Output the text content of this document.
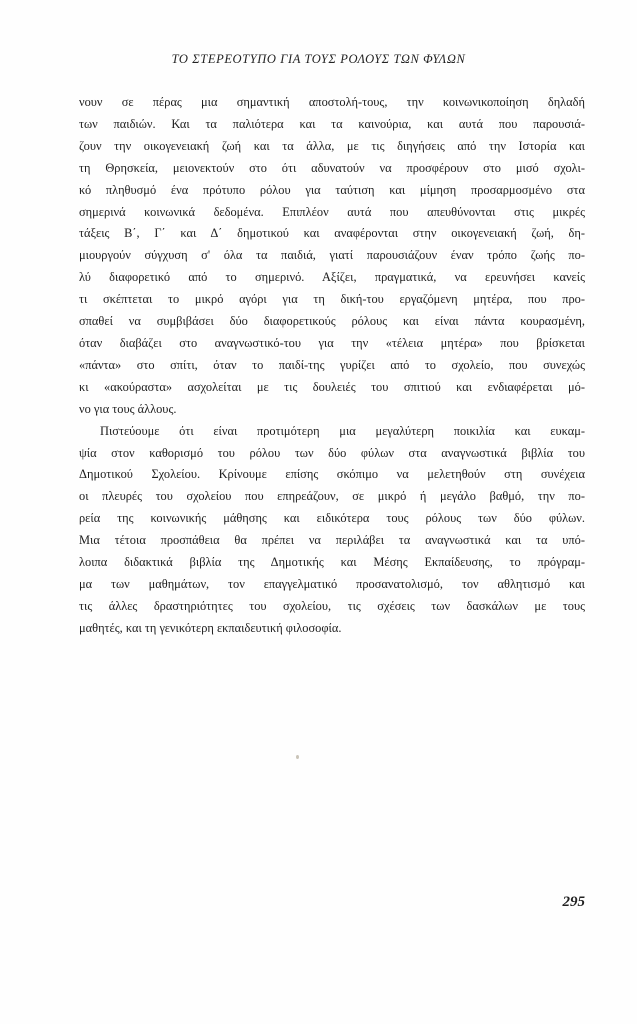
ΤΟ ΣΤΕΡΕΟΤΥΠΟ ΓΙΑ ΤΟΥΣ ΡΟΛΟΥΣ ΤΩΝ ΦΥΛΩΝ

νουν σε πέρας μια σημαντική αποστολή-τους, την κοινωνικοποίηση δηλαδή
των παιδιών. Και τα παλιότερα και τα καινούρια, και αυτά που παρουσιά-
ζουν την οικογενειακή ζωή και τα άλλα, με τις διηγήσεις από την Ιστορία και
τη Θρησκεία, μειονεκτούν στο ότι αδυνατούν να προσφέρουν στο μισό σχολι-
κό πληθυσμό ένα πρότυπο ρόλου για ταύτιση και μίμηση προσαρμοσμένο στα
σημερινά κοινωνικά δεδομένα. Επιπλέον αυτά που απευθύνονται στις μικρές
τάξεις Β΄, Γ΄ και Δ΄ δημοτικού και αναφέρονται στην οικογενειακή ζωή, δη-
μιουργούν σύγχυση σ' όλα τα παιδιά, γιατί παρουσιάζουν έναν τρόπο ζωής πο-
λύ διαφορετικό από το σημερινό. Αξίζει, πραγματικά, να ερευνήσει κανείς
τι σκέπτεται το μικρό αγόρι για τη δική-του εργαζόμενη μητέρα, που προ-
σπαθεί να συμβιβάσει δύο διαφορετικούς ρόλους και είναι πάντα κουρασμένη,
όταν διαβάζει στο αναγνωστικό-του για την «τέλεια μητέρα» που βρίσκεται
«πάντα» στο σπίτι, όταν το παιδί-της γυρίζει από το σχολείο, που συνεχώς
κι «ακούραστα» ασχολείται με τις δουλειές του σπιτιού και ενδιαφέρεται μό-
νο για τους άλλους.

Πιστεύουμε ότι είναι προτιμότερη μια μεγαλύτερη ποικιλία και ευκαμ-
ψία στον καθορισμό του ρόλου των δύο φύλων στα αναγνωστικά βιβλία του
Δημοτικού Σχολείου. Κρίνουμε επίσης σκόπιμο να μελετηθούν στη συνέχεια
οι πλευρές του σχολείου που επηρεάζουν, σε μικρό ή μεγάλο βαθμό, την πο-
ρεία της κοινωνικής μάθησης και ειδικότερα τους ρόλους των δύο φύλων.
Μια τέτοια προσπάθεια θα πρέπει να περιλάβει τα αναγνωστικά και τα υπό-
λοιπα διδακτικά βιβλία της Δημοτικής και Μέσης Εκπαίδευσης, το πρόγραμ-
μα των μαθημάτων, τον επαγγελματικό προσανατολισμό, τον αθλητισμό και
τις άλλες δραστηριότητες του σχολείου, τις σχέσεις των δασκάλων με τους
μαθητές, και τη γενικότερη εκπαιδευτική φιλοσοφία.

295
